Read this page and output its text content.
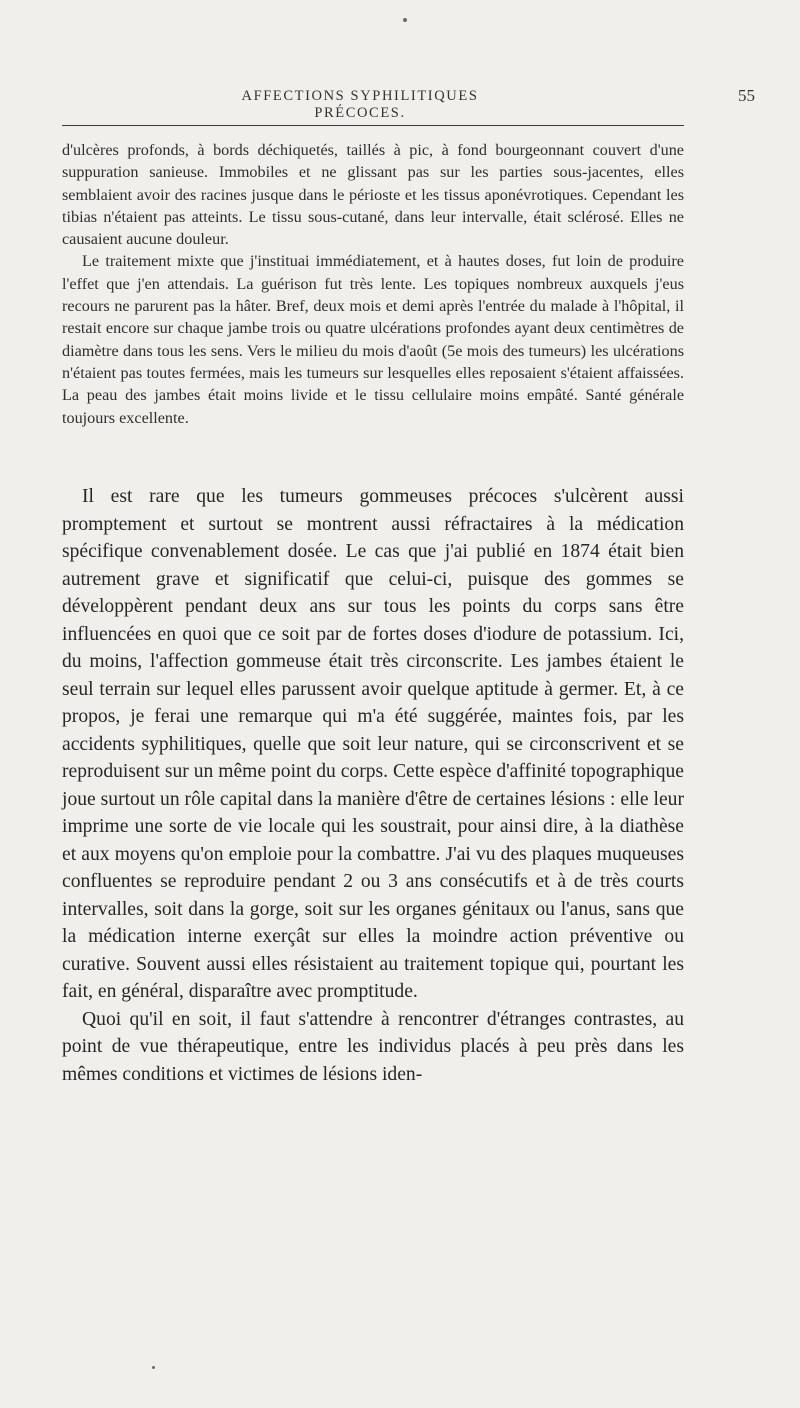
AFFECTIONS SYPHILITIQUES PRÉCOCES.
55

d'ulcères profonds, à bords déchiquetés, taillés à pic, à fond bourgeonnant couvert d'une suppuration sanieuse. Immobiles et ne glissant pas sur les parties sous-jacentes, elles semblaient avoir des racines jusque dans le périoste et les tissus aponévrotiques. Cependant les tibias n'étaient pas atteints. Le tissu sous-cutané, dans leur intervalle, était sclérosé. Elles ne causaient aucune douleur.

Le traitement mixte que j'instituai immédiatement, et à hautes doses, fut loin de produire l'effet que j'en attendais. La guérison fut très lente. Les topiques nombreux auxquels j'eus recours ne parurent pas la hâter. Bref, deux mois et demi après l'entrée du malade à l'hôpital, il restait encore sur chaque jambe trois ou quatre ulcérations profondes ayant deux centimètres de diamètre dans tous les sens. Vers le milieu du mois d'août (5e mois des tumeurs) les ulcérations n'étaient pas toutes fermées, mais les tumeurs sur lesquelles elles reposaient s'étaient affaissées. La peau des jambes était moins livide et le tissu cellulaire moins empâté. Santé générale toujours excellente.

Il est rare que les tumeurs gommeuses précoces s'ulcèrent aussi promptement et surtout se montrent aussi réfractaires à la médication spécifique convenablement dosée. Le cas que j'ai publié en 1874 était bien autrement grave et significatif que celui-ci, puisque des gommes se développèrent pendant deux ans sur tous les points du corps sans être influencées en quoi que ce soit par de fortes doses d'iodure de potassium. Ici, du moins, l'affection gommeuse était très circonscrite. Les jambes étaient le seul terrain sur lequel elles parussent avoir quelque aptitude à germer. Et, à ce propos, je ferai une remarque qui m'a été suggérée, maintes fois, par les accidents syphilitiques, quelle que soit leur nature, qui se circonscrivent et se reproduisent sur un même point du corps. Cette espèce d'affinité topographique joue surtout un rôle capital dans la manière d'être de certaines lésions : elle leur imprime une sorte de vie locale qui les soustrait, pour ainsi dire, à la diathèse et aux moyens qu'on emploie pour la combattre. J'ai vu des plaques muqueuses confluentes se reproduire pendant 2 ou 3 ans consécutifs et à de très courts intervalles, soit dans la gorge, soit sur les organes génitaux ou l'anus, sans que la médication interne exerçât sur elles la moindre action préventive ou curative. Souvent aussi elles résistaient au traitement topique qui, pourtant les fait, en général, disparaître avec promptitude.

Quoi qu'il en soit, il faut s'attendre à rencontrer d'étranges contrastes, au point de vue thérapeutique, entre les individus placés à peu près dans les mêmes conditions et victimes de lésions iden-
